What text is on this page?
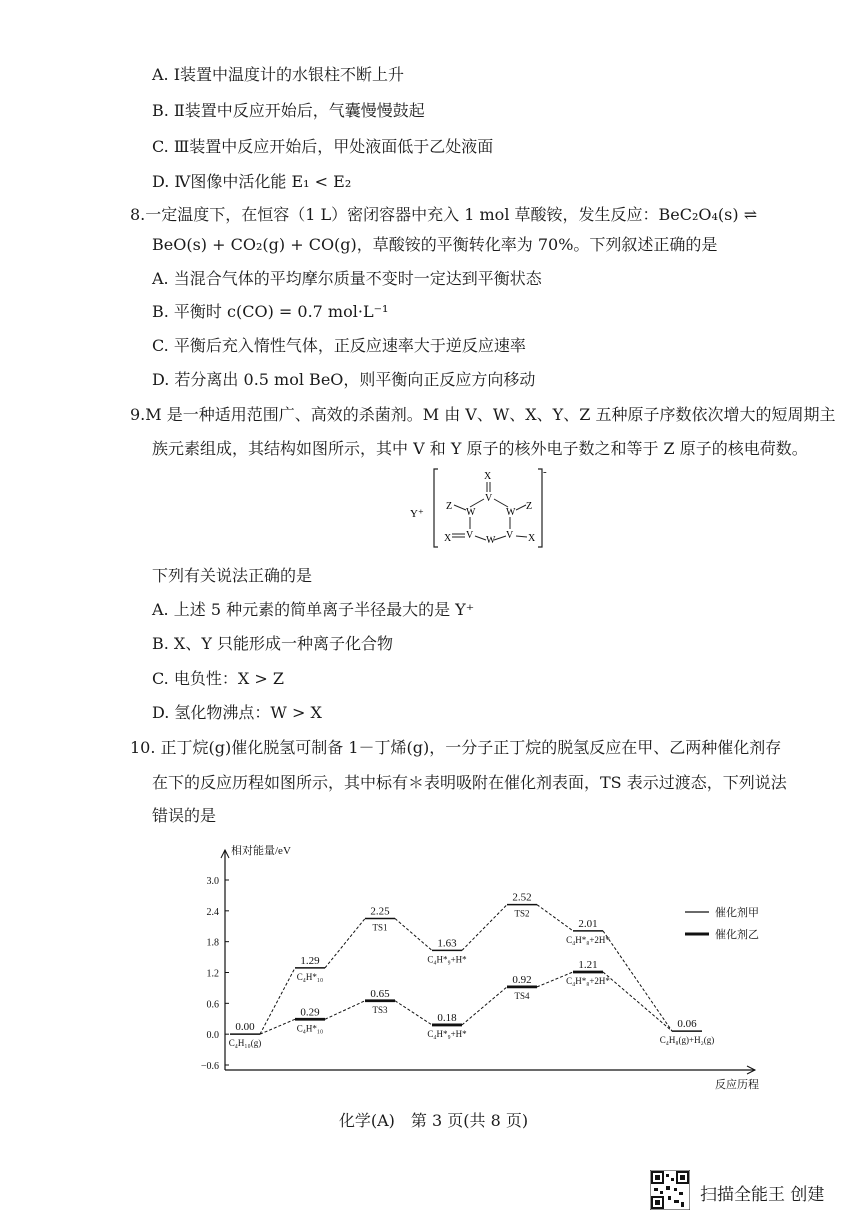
A. Ⅰ装置中温度计的水银柱不断上升
B. Ⅱ装置中反应开始后，气囊慢慢鼓起
C. Ⅲ装置中反应开始后，甲处液面低于乙处液面
D. Ⅳ图像中活化能 E₁ < E₂
8.一定温度下，在恒容（1 L）密闭容器中充入 1 mol 草酸铵，发生反应：BeC₂O₄(s) ⇌
BeO(s) + CO₂(g) + CO(g)，草酸铵的平衡转化率为 70%。下列叙述正确的是
A. 当混合气体的平均摩尔质量不变时一定达到平衡状态
B. 平衡时 c(CO) = 0.7 mol·L⁻¹
C. 平衡后充入惰性气体，正反应速率大于逆反应速率
D. 若分离出 0.5 mol BeO，则平衡向正反应方向移动
9.M 是一种适用范围广、高效的杀菌剂。M 由 V、W、X、Y、Z 五种原子序数依次增大的短周期主
族元素组成，其结构如图所示，其中 V 和 Y 原子的核外电子数之和等于 Z 原子的核电荷数。
Y⁺
-
X
V
W	W
Z	Z
V	V
W
X	X
下列有关说法正确的是
A. 上述 5 种元素的简单离子半径最大的是 Y⁺
B. X、Y 只能形成一种离子化合物
C. 电负性：X > Z
D. 氢化物沸点：W > X
10. 正丁烷(g)催化脱氢可制备 1－丁烯(g)，一分子正丁烷的脱氢反应在甲、乙两种催化剂存
在下的反应历程如图所示，其中标有＊表明吸附在催化剂表面，TS 表示过渡态，下列说法
错误的是
相对能量/eV
反应历程
−0.6
0.0
0.6
1.2
1.8
2.4
3.0
0.00
C₄H₁₀(g)
1.29
C₄H*₁₀
2.25
TS1
1.63
C₄H*₉+H*
2.52
TS2
2.01
C₄H*₈+2H*
0.06
C₄H₈(g)+H₂(g)
0.29
C₄H*₁₀
0.65
TS3
0.18
C₄H*₉+H*
0.92
TS4
1.21
C₄H*₈+2H*
催化剂甲
催化剂乙
化学(A)　第 3 页(共 8 页)
扫描全能王 创建
